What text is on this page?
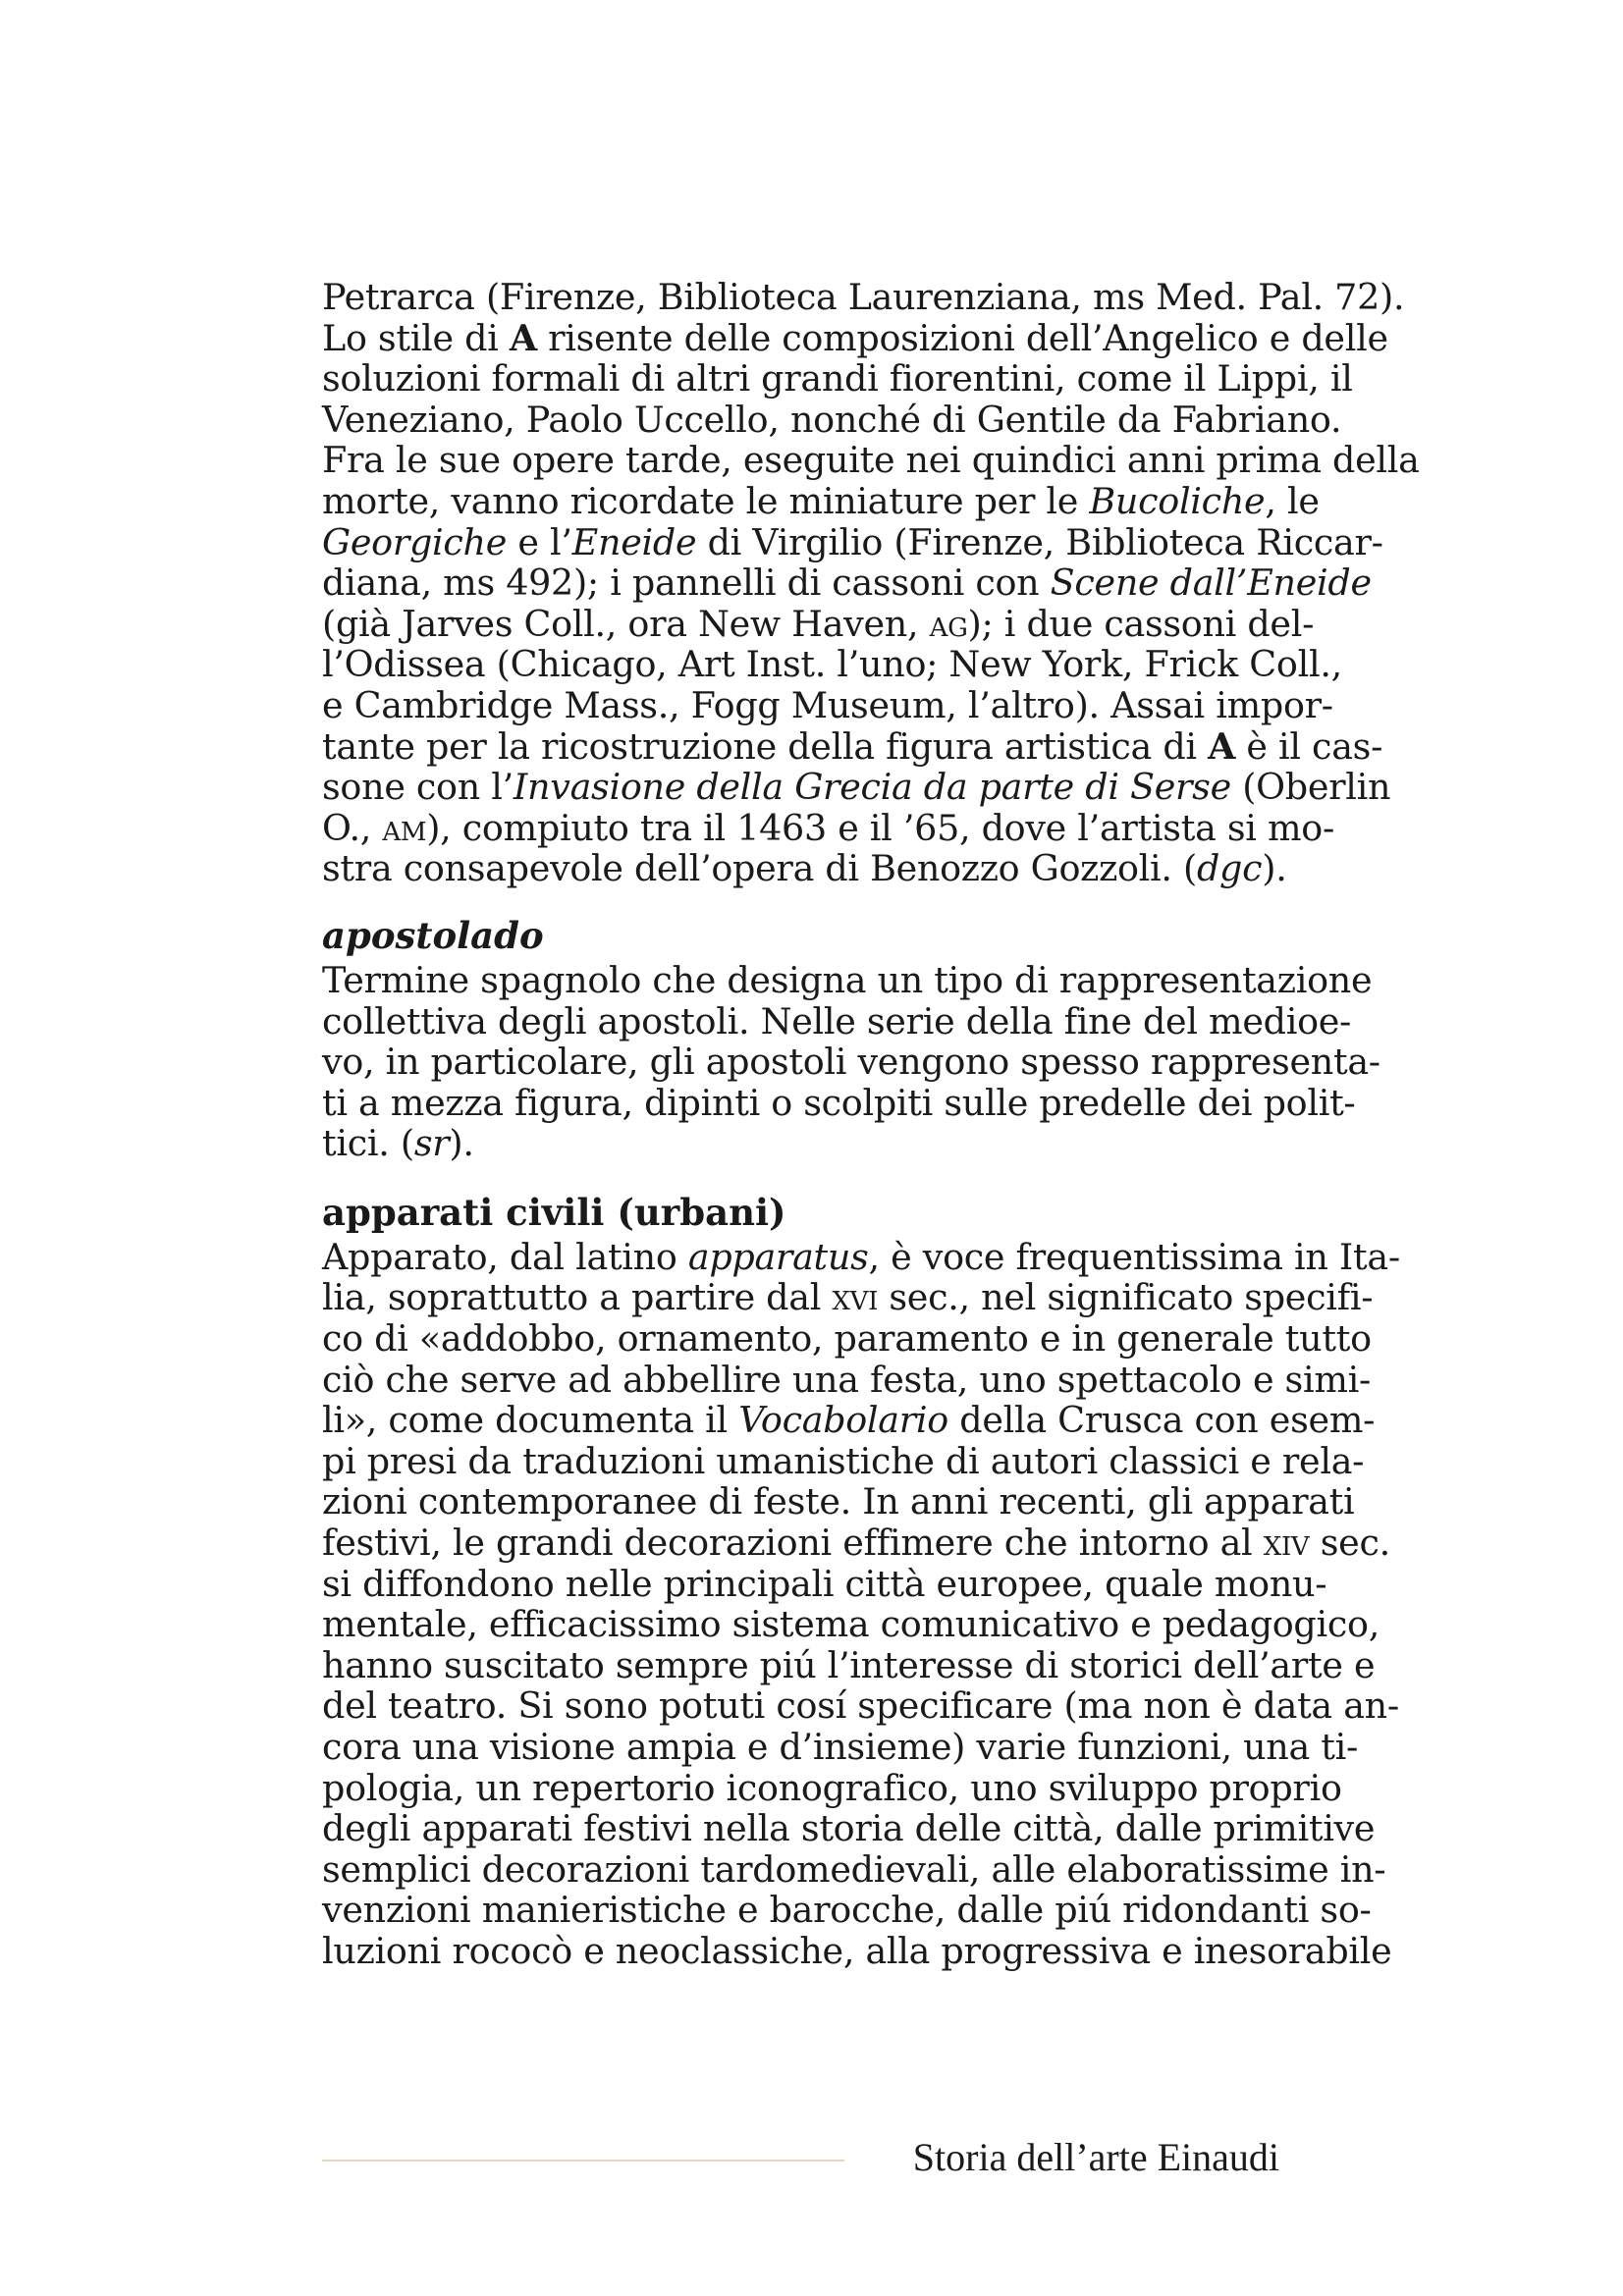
Petrarca (Firenze, Biblioteca Laurenziana, ms Med. Pal. 72).
Lo stile di A risente delle composizioni dell’Angelico e delle
soluzioni formali di altri grandi fiorentini, come il Lippi, il
Veneziano, Paolo Uccello, nonché di Gentile da Fabriano.
Fra le sue opere tarde, eseguite nei quindici anni prima della
morte, vanno ricordate le miniature per le Bucoliche, le
Georgiche e l’Eneide di Virgilio (Firenze, Biblioteca Riccar-
diana, ms 492); i pannelli di cassoni con Scene dall’Eneide
(già Jarves Coll., ora New Haven, ag); i due cassoni del-
l’Odissea (Chicago, Art Inst. l’uno; New York, Frick Coll.,
e Cambridge Mass., Fogg Museum, l’altro). Assai impor-
tante per la ricostruzione della figura artistica di A è il cas-
sone con l’Invasione della Grecia da parte di Serse (Oberlin
O., am), compiuto tra il 1463 e il ’65, dove l’artista si mo-
stra consapevole dell’opera di Benozzo Gozzoli. (dgc).
apostolado
Termine spagnolo che designa un tipo di rappresentazione
collettiva degli apostoli. Nelle serie della fine del medioe-
vo, in particolare, gli apostoli vengono spesso rappresenta-
ti a mezza figura, dipinti o scolpiti sulle predelle dei polit-
tici. (sr).
apparati civili (urbani)
Apparato, dal latino apparatus, è voce frequentissima in Ita-
lia, soprattutto a partire dal xvi sec., nel significato specifi-
co di «addobbo, ornamento, paramento e in generale tutto
ciò che serve ad abbellire una festa, uno spettacolo e simi-
li», come documenta il Vocabolario della Crusca con esem-
pi presi da traduzioni umanistiche di autori classici e rela-
zioni contemporanee di feste. In anni recenti, gli apparati
festivi, le grandi decorazioni effimere che intorno al xiv sec.
si diffondono nelle principali città europee, quale monu-
mentale, efficacissimo sistema comunicativo e pedagogico,
hanno suscitato sempre piú l’interesse di storici dell’arte e
del teatro. Si sono potuti cosí specificare (ma non è data an-
cora una visione ampia e d’insieme) varie funzioni, una ti-
pologia, un repertorio iconografico, uno sviluppo proprio
degli apparati festivi nella storia delle città, dalle primitive
semplici decorazioni tardomedievali, alle elaboratissime in-
venzioni manieristiche e barocche, dalle piú ridondanti so-
luzioni rococò e neoclassiche, alla progressiva e inesorabile
Storia dell’arte Einaudi
